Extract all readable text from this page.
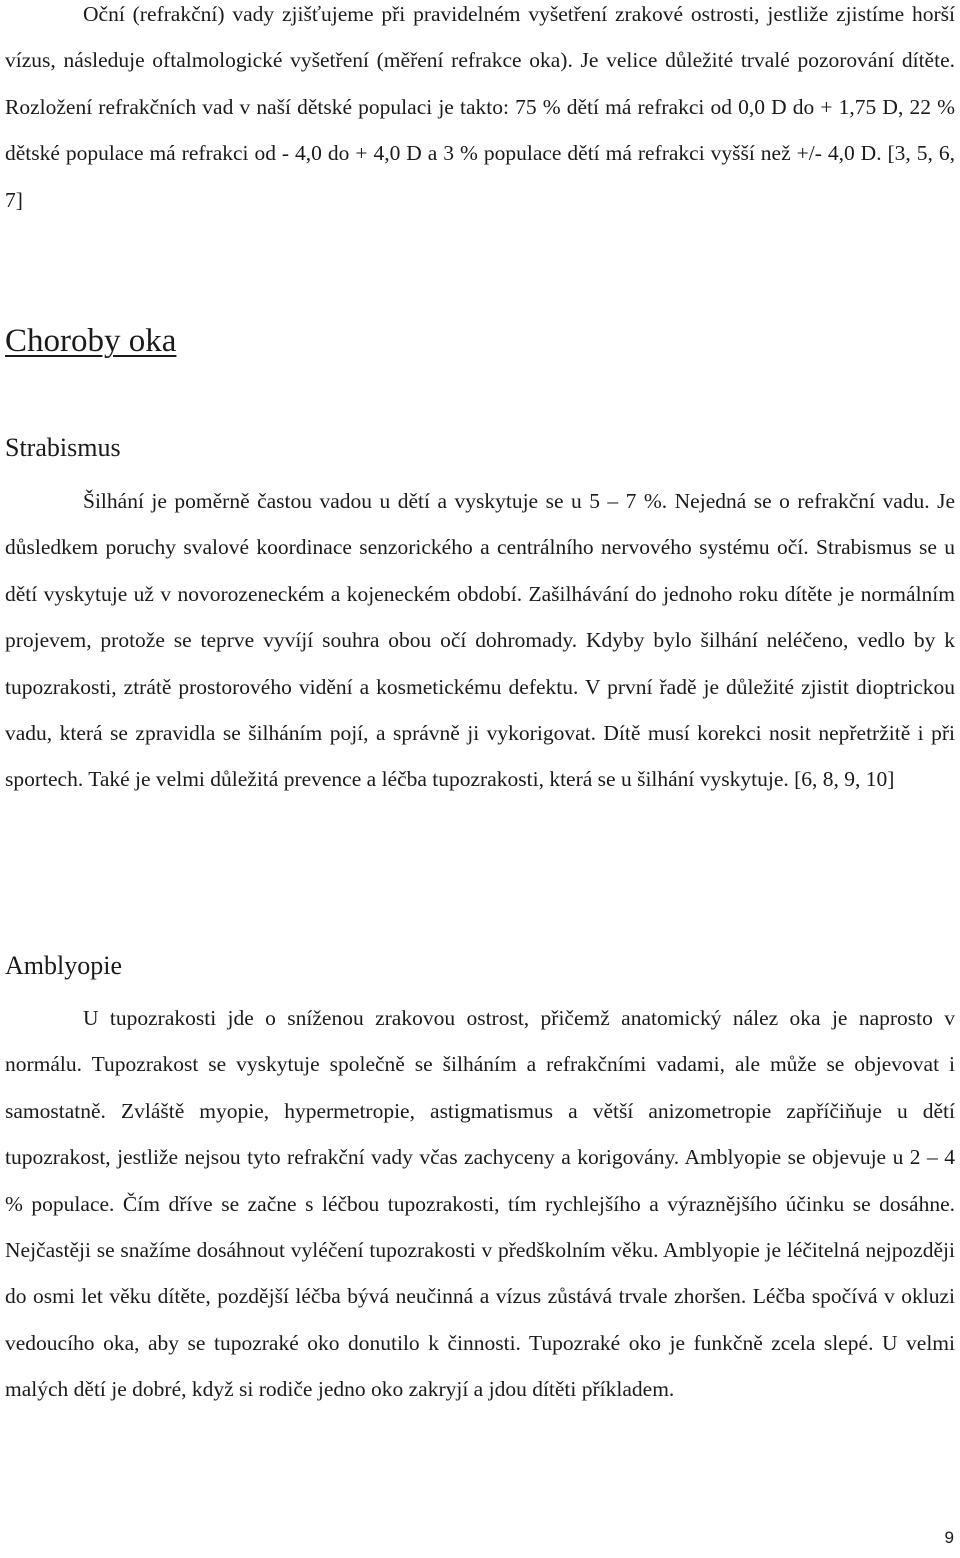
Oční (refrakční) vady zjišťujeme při pravidelném vyšetření zrakové ostrosti, jestliže zjistíme horší vízus, následuje oftalmologické vyšetření (měření refrakce oka). Je velice důležité trvalé pozorování dítěte. Rozložení refrakčních vad v naší dětské populaci je takto: 75 % dětí má refrakci od 0,0 D do + 1,75 D, 22 % dětské populace má refrakci od - 4,0 do + 4,0 D a 3 % populace dětí má refrakci vyšší než +/- 4,0 D. [3, 5, 6, 7]

Choroby oka
Strabismus

Šilhání je poměrně častou vadou u dětí a vyskytuje se u 5 – 7 %. Nejedná se o refrakční vadu. Je důsledkem poruchy svalové koordinace senzorického a centrálního nervového systému očí. Strabismus se u dětí vyskytuje už v novorozeneckém a kojeneckém období. Zašilhávání do jednoho roku dítěte je normálním projevem, protože se teprve vyvíjí souhra obou očí dohromady. Kdyby bylo šilhání neléčeno, vedlo by k tupozrakosti, ztrátě prostorového vidění a kosmetickému defektu. V první řadě je důležité zjistit dioptrickou vadu, která se zpravidla se šilháním pojí, a správně ji vykorigovat. Dítě musí korekci nosit nepřetržitě i při sportech. Také je velmi důležitá prevence a léčba tupozrakosti, která se u šilhání vyskytuje. [6, 8, 9, 10]

Amblyopie

U tupozrakosti jde o sníženou zrakovou ostrost, přičemž anatomický nález oka je naprosto v normálu. Tupozrakost se vyskytuje společně se šilháním a refrakčními vadami, ale může se objevovat i samostatně. Zvláště myopie, hypermetropie, astigmatismus a větší anizometropie zapříčiňuje u dětí tupozrakost, jestliže nejsou tyto refrakční vady včas zachyceny a korigovány. Amblyopie se objevuje u 2 – 4 % populace. Čím dříve se začne s léčbou tupozrakosti, tím rychlejšího a výraznějšího účinku se dosáhne. Nejčastěji se snažíme dosáhnout vyléčení tupozrakosti v předškolním věku. Amblyopie je léčitelná nejpozději do osmi let věku dítěte, pozdější léčba bývá neučinná a vízus zůstává trvale zhoršen. Léčba spočívá v okluzi vedoucího oka, aby se tupozraké oko donutilo k činnosti. Tupozraké oko je funkčně zcela slepé. U velmi malých dětí je dobré, když si rodiče jedno oko zakryjí a jdou dítěti příkladem.

9
